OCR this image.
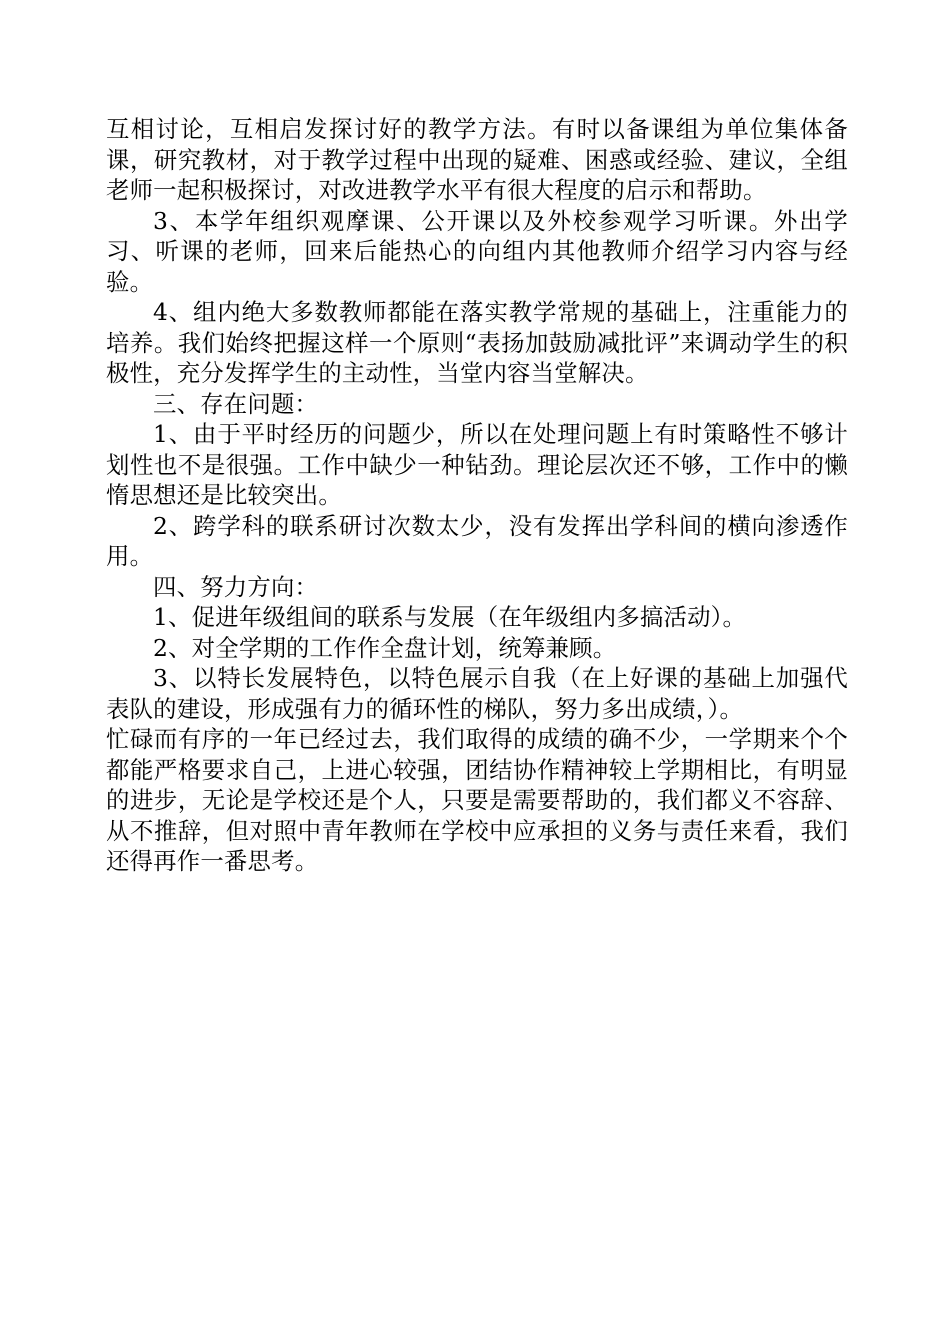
互相讨论，互相启发探讨好的教学方法。有时以备课组为单位集体备课，研究教材，对于教学过程中出现的疑难、困惑或经验、建议，全组老师一起积极探讨，对改进教学水平有很大程度的启示和帮助。

3、本学年组织观摩课、公开课以及外校参观学习听课。外出学习、听课的老师，回来后能热心的向组内其他教师介绍学习内容与经验。

4、组内绝大多数教师都能在落实教学常规的基础上，注重能力的培养。我们始终把握这样一个原则“表扬加鼓励减批评”来调动学生的积极性，充分发挥学生的主动性，当堂内容当堂解决。

三、存在问题：

1、由于平时经历的问题少，所以在处理问题上有时策略性不够计划性也不是很强。工作中缺少一种钻劲。理论层次还不够，工作中的懒惰思想还是比较突出。

2、跨学科的联系研讨次数太少，没有发挥出学科间的横向渗透作用。

四、努力方向：

1、促进年级组间的联系与发展（在年级组内多搞活动）。

2、对全学期的工作作全盘计划，统筹兼顾。

3、以特长发展特色，以特色展示自我（在上好课的基础上加强代表队的建设，形成强有力的循环性的梯队，努力多出成绩，）。

忙碌而有序的一年已经过去，我们取得的成绩的确不少，一学期来个个都能严格要求自己，上进心较强，团结协作精神较上学期相比，有明显的进步，无论是学校还是个人，只要是需要帮助的，我们都义不容辞、从不推辞，但对照中青年教师在学校中应承担的义务与责任来看，我们还得再作一番思考。
